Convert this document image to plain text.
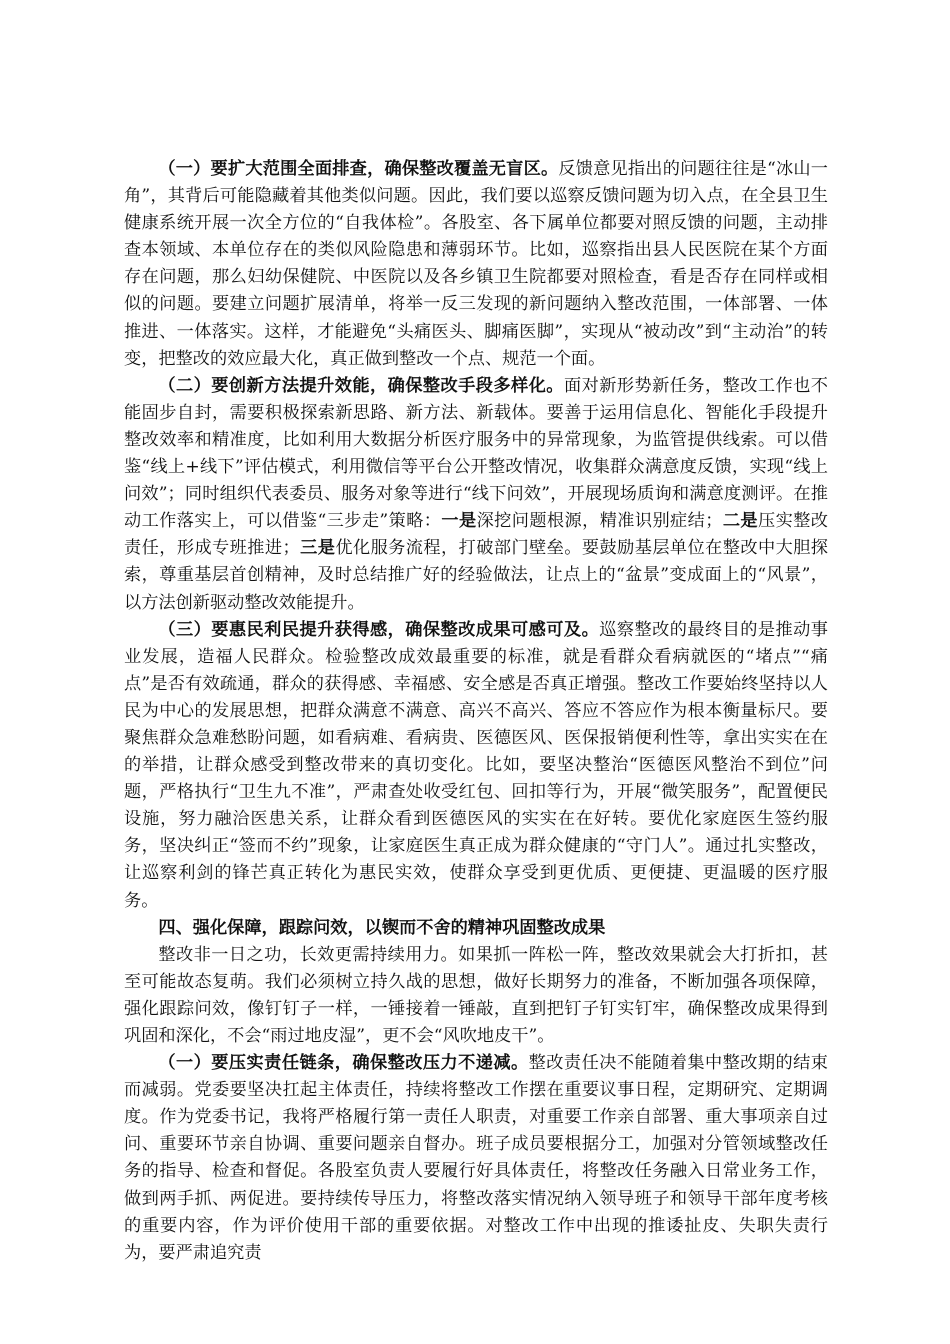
（一）要扩大范围全面排查，确保整改覆盖无盲区。反馈意见指出的问题往往是“冰山一角”，其背后可能隐藏着其他类似问题。因此，我们要以巡察反馈问题为切入点，在全县卫生健康系统开展一次全方位的“自我体检”。各股室、各下属单位都要对照反馈的问题，主动排查本领域、本单位存在的类似风险隐患和薄弱环节。比如，巡察指出县人民医院在某个方面存在问题，那么妇幼保健院、中医院以及各乡镇卫生院都要对照检查，看是否存在同样或相似的问题。要建立问题扩展清单，将举一反三发现的新问题纳入整改范围，一体部署、一体推进、一体落实。这样，才能避免“头痛医头、脚痛医脚”，实现从“被动改”到“主动治”的转变，把整改的效应最大化，真正做到整改一个点、规范一个面。

（二）要创新方法提升效能，确保整改手段多样化。面对新形势新任务，整改工作也不能固步自封，需要积极探索新思路、新方法、新载体。要善于运用信息化、智能化手段提升整改效率和精准度，比如利用大数据分析医疗服务中的异常现象，为监管提供线索。可以借鉴“线上+线下”评估模式，利用微信等平台公开整改情况，收集群众满意度反馈，实现“线上问效”；同时组织代表委员、服务对象等进行“线下问效”，开展现场质询和满意度测评。在推动工作落实上，可以借鉴“三步走”策略：一是深挖问题根源，精准识别症结；二是压实整改责任，形成专班推进；三是优化服务流程，打破部门壁垒。要鼓励基层单位在整改中大胆探索，尊重基层首创精神，及时总结推广好的经验做法，让点上的“盆景”变成面上的“风景”，以方法创新驱动整改效能提升。

（三）要惠民利民提升获得感，确保整改成果可感可及。巡察整改的最终目的是推动事业发展，造福人民群众。检验整改成效最重要的标准，就是看群众看病就医的“堵点”“痛点”是否有效疏通，群众的获得感、幸福感、安全感是否真正增强。整改工作要始终坚持以人民为中心的发展思想，把群众满意不满意、高兴不高兴、答应不答应作为根本衡量标尺。要聚焦群众急难愁盼问题，如看病难、看病贵、医德医风、医保报销便利性等，拿出实实在在的举措，让群众感受到整改带来的真切变化。比如，要坚决整治“医德医风整治不到位”问题，严格执行“卫生九不准”，严肃查处收受红包、回扣等行为，开展“微笑服务”，配置便民设施，努力融洽医患关系，让群众看到医德医风的实实在在好转。要优化家庭医生签约服务，坚决纠正“签而不约”现象，让家庭医生真正成为群众健康的“守门人”。通过扎实整改，让巡察利剑的锋芒真正转化为惠民实效，使群众享受到更优质、更便捷、更温暖的医疗服务。

四、强化保障，跟踪问效，以锲而不舍的精神巩固整改成果

整改非一日之功，长效更需持续用力。如果抓一阵松一阵，整改效果就会大打折扣，甚至可能故态复萌。我们必须树立持久战的思想，做好长期努力的准备，不断加强各项保障，强化跟踪问效，像钉钉子一样，一锤接着一锤敲，直到把钉子钉实钉牢，确保整改成果得到巩固和深化，不会“雨过地皮湿”，更不会“风吹地皮干”。

（一）要压实责任链条，确保整改压力不递减。整改责任决不能随着集中整改期的结束而减弱。党委要坚决扛起主体责任，持续将整改工作摆在重要议事日程，定期研究、定期调度。作为党委书记，我将严格履行第一责任人职责，对重要工作亲自部署、重大事项亲自过问、重要环节亲自协调、重要问题亲自督办。班子成员要根据分工，加强对分管领域整改任务的指导、检查和督促。各股室负责人要履行好具体责任，将整改任务融入日常业务工作，做到两手抓、两促进。要持续传导压力，将整改落实情况纳入领导班子和领导干部年度考核的重要内容，作为评价使用干部的重要依据。对整改工作中出现的推诿扯皮、失职失责行为，要严肃追究责
